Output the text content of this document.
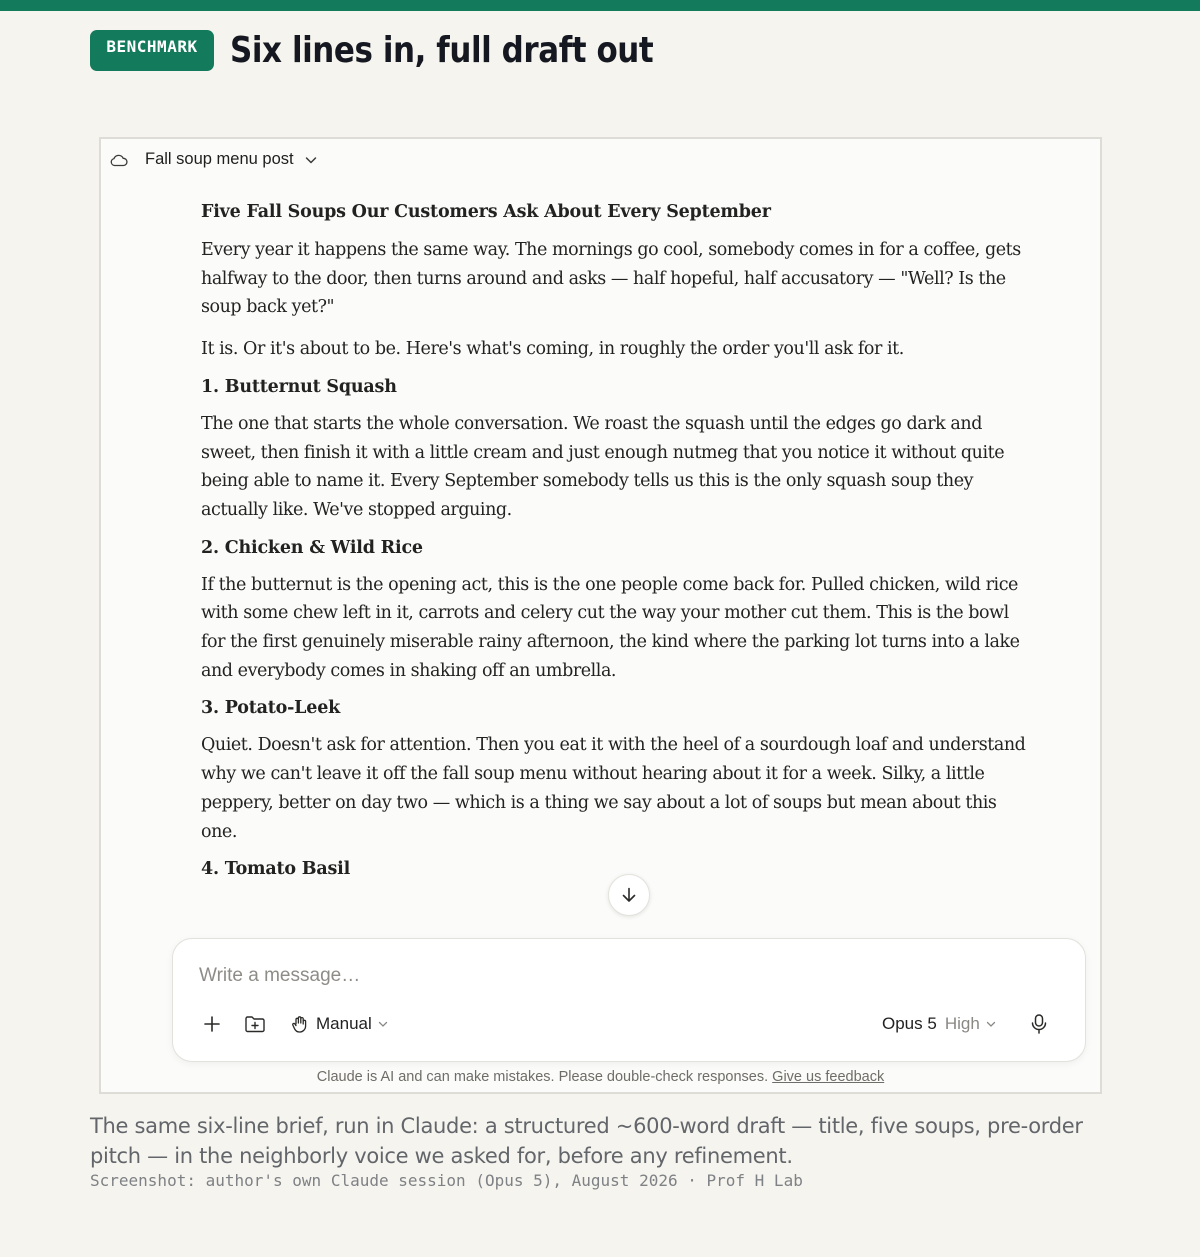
BENCHMARK Six lines in, full draft out
Fall soup menu post
Five Fall Soups Our Customers Ask About Every September

Every year it happens the same way. The mornings go cool, somebody comes in for a coffee, gets halfway to the door, then turns around and asks — half hopeful, half accusatory — "Well? Is the soup back yet?"

It is. Or it's about to be. Here's what's coming, in roughly the order you'll ask for it.

1. Butternut Squash

The one that starts the whole conversation. We roast the squash until the edges go dark and sweet, then finish it with a little cream and just enough nutmeg that you notice it without quite being able to name it. Every September somebody tells us this is the only squash soup they actually like. We've stopped arguing.

2. Chicken & Wild Rice

If the butternut is the opening act, this is the one people come back for. Pulled chicken, wild rice with some chew left in it, carrots and celery cut the way your mother cut them. This is the bowl for the first genuinely miserable rainy afternoon, the kind where the parking lot turns into a lake and everybody comes in shaking off an umbrella.

3. Potato-Leek

Quiet. Doesn't ask for attention. Then you eat it with the heel of a sourdough loaf and understand why we can't leave it off the fall soup menu without hearing about it for a week. Silky, a little peppery, better on day two — which is a thing we say about a lot of soups but mean about this one.

4. Tomato Basil
Write a message…
Manual	Opus 5 High
Claude is AI and can make mistakes. Please double-check responses. Give us feedback
The same six-line brief, run in Claude: a structured ~600-word draft — title, five soups, pre-order pitch — in the neighborly voice we asked for, before any refinement.
Screenshot: author's own Claude session (Opus 5), August 2026 · Prof H Lab
